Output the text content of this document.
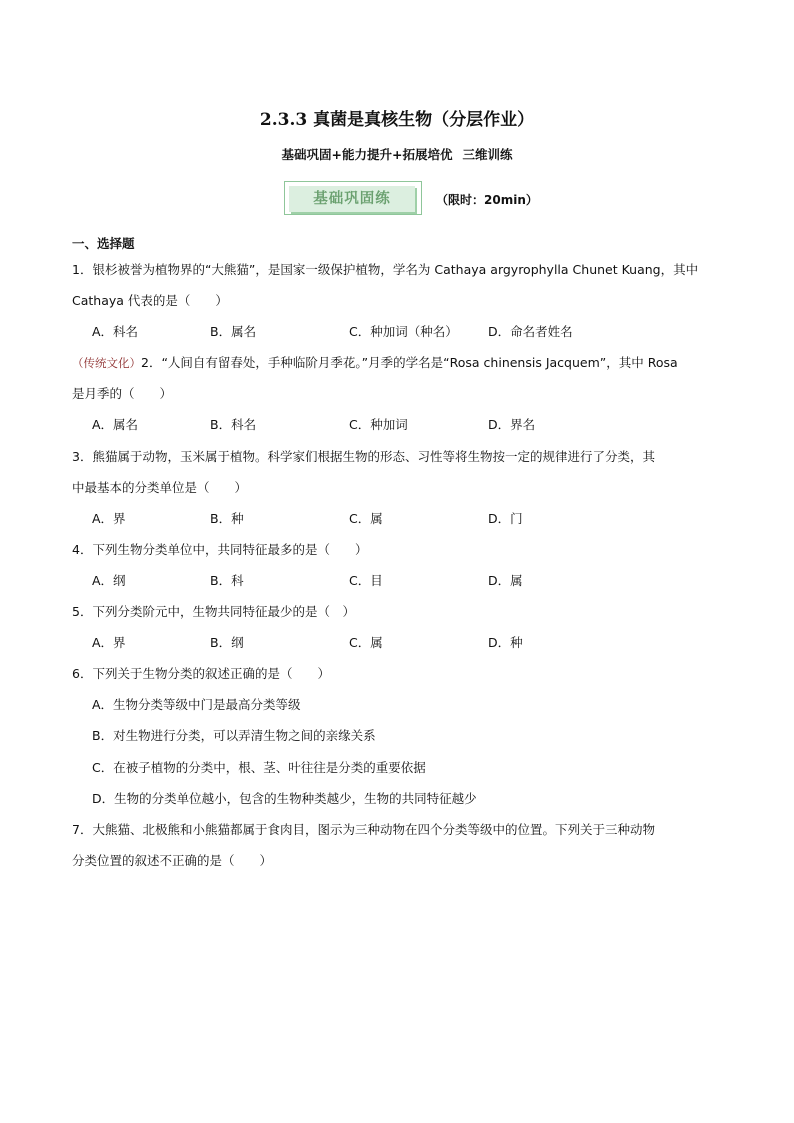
2.3.3 真菌是真核生物（分层作业）
基础巩固+能力提升+拓展培优 三维训练
基础巩固练	（限时：20min）
一、选择题
1．银杉被誉为植物界的“大熊猫”，是国家一级保护植物，学名为 Cathaya argyrophylla Chunet Kuang，其中
Cathaya 代表的是（　　）
A．科名	B．属名	C．种加词（种名） D．命名者姓名
（传统文化）2．“人间自有留春处，手种临阶月季花。”月季的学名是“Rosa chinensis Jacquem”，其中 Rosa
是月季的（　　）
A．属名	B．科名	C．种加词	D．界名
3．熊猫属于动物，玉米属于植物。科学家们根据生物的形态、习性等将生物按一定的规律进行了分类，其
中最基本的分类单位是（　　）
A．界	B．种	C．属	D．门
4．下列生物分类单位中，共同特征最多的是（　　）
A．纲	B．科	C．目	D．属
5．下列分类阶元中，生物共同特征最少的是（　）
A．界	B．纲	C．属	D．种
6．下列关于生物分类的叙述正确的是（　　）
A．生物分类等级中门是最高分类等级
B．对生物进行分类，可以弄清生物之间的亲缘关系
C．在被子植物的分类中，根、茎、叶往往是分类的重要依据
D．生物的分类单位越小，包含的生物种类越少，生物的共同特征越少
7．大熊猫、北极熊和小熊猫都属于食肉目，图示为三种动物在四个分类等级中的位置。下列关于三种动物
分类位置的叙述不正确的是（　　）
